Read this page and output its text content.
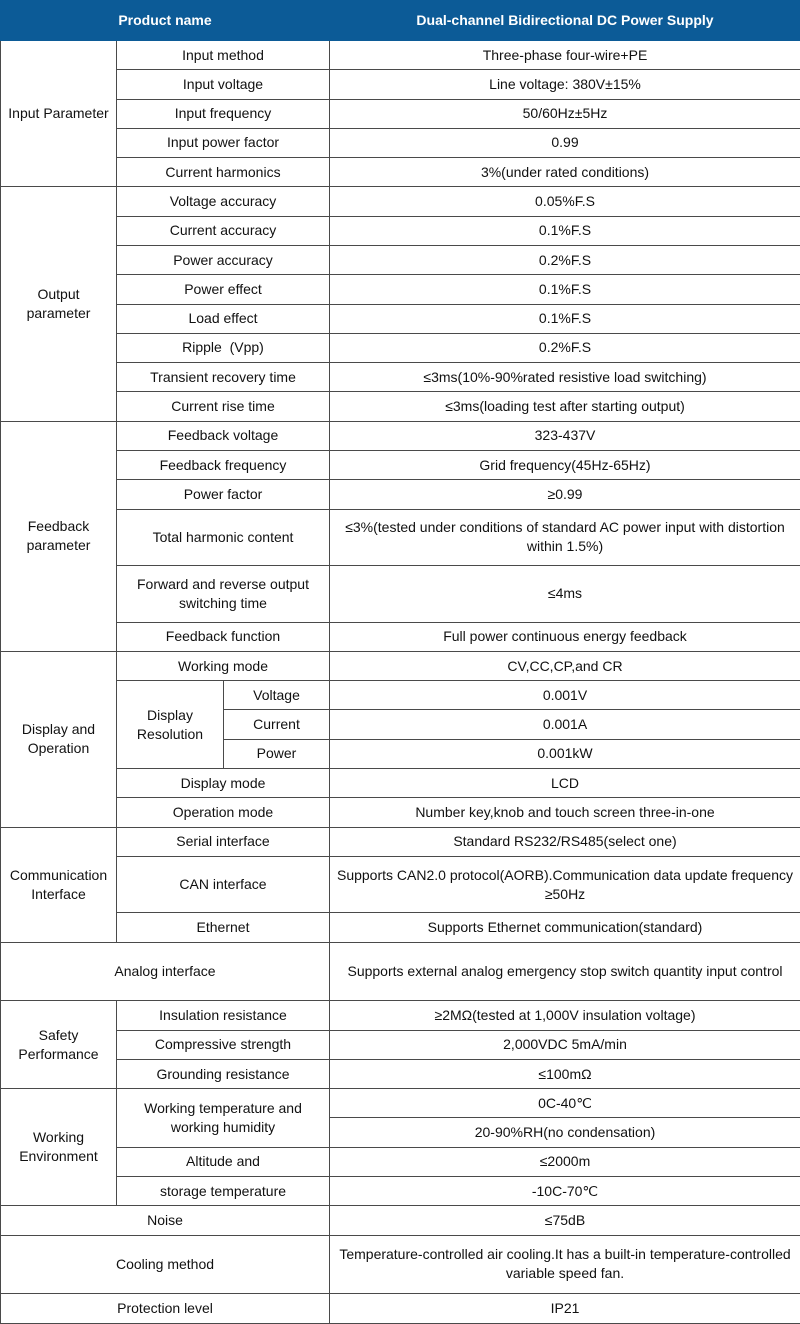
Product name			Dual-channel Bidirectional DC Power Supply
Input Parameter	Input method		Three-phase four-wire+PE
	Input voltage		Line voltage: 380V±15%
	Input frequency		50/60Hz±5Hz
	Input power factor		0.99
	Current harmonics		3%(under rated conditions)
Output parameter	Voltage accuracy		0.05%F.S
	Current accuracy		0.1%F.S
	Power accuracy		0.2%F.S
	Power effect		0.1%F.S
	Load effect		0.1%F.S
	Ripple  (Vpp)		0.2%F.S
	Transient recovery time		≤3ms(10%-90%rated resistive load switching)
	Current rise time		≤3ms(loading test after starting output)
Feedback parameter	Feedback voltage		323-437V
	Feedback frequency		Grid frequency(45Hz-65Hz)
	Power factor		≥0.99
	Total harmonic content		≤3%(tested under conditions of standard AC power input with distortion within 1.5%)
	Forward and reverse output switching time		≤4ms
	Feedback function		Full power continuous energy feedback
Display and Operation	Working mode		CV,CC,CP,and CR
	Display Resolution	Voltage	0.001V
		Current	0.001A
		Power	0.001kW
	Display mode		LCD
	Operation mode		Number key,knob and touch screen three-in-one
Communication Interface	Serial interface		Standard RS232/RS485(select one)
	CAN interface		Supports CAN2.0 protocol(AORB).Communication data update frequency ≥50Hz
	Ethernet		Supports Ethernet communication(standard)
Analog interface			Supports external analog emergency stop switch quantity input control
Safety Performance	Insulation resistance		≥2MΩ(tested at 1,000V insulation voltage)
	Compressive strength		2,000VDC 5mA/min
	Grounding resistance		≤100mΩ
Working Environment	Working temperature and working humidity		0C-40℃
			20-90%RH(no condensation)
	Altitude and		≤2000m
	storage temperature		-10C-70℃
Noise			≤75dB
Cooling method			Temperature-controlled air cooling.It has a built-in temperature-controlled variable speed fan.
Protection level			IP21
